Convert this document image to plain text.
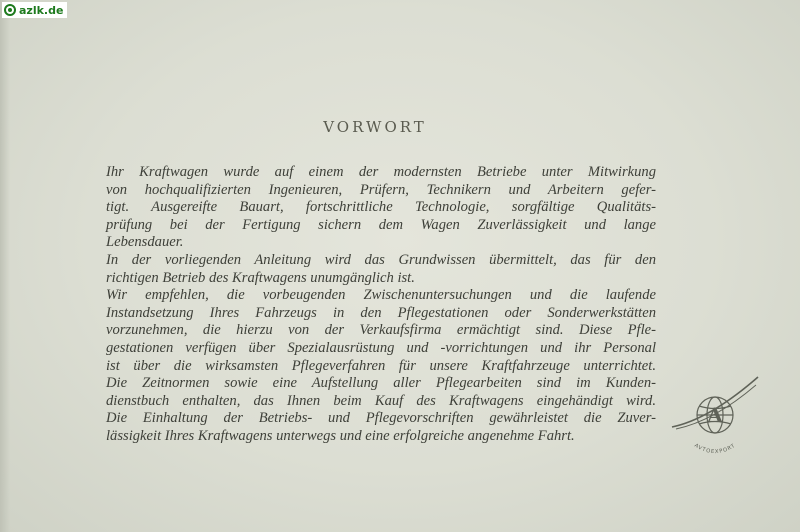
azlk.de
VORWORT
Ihr Kraftwagen wurde auf einem der modernsten Betriebe unter Mitwirkung
von hochqualifizierten Ingenieuren, Prüfern, Technikern und Arbeitern gefer-
tigt. Ausgereifte Bauart, fortschrittliche Technologie, sorgfältige Qualitäts-
prüfung bei der Fertigung sichern dem Wagen Zuverlässigkeit und lange
Lebensdauer.
In der vorliegenden Anleitung wird das Grundwissen übermittelt, das für den
richtigen Betrieb des Kraftwagens unumgänglich ist.
Wir empfehlen, die vorbeugenden Zwischenuntersuchungen und die laufende
Instandsetzung Ihres Fahrzeugs in den Pflegestationen oder Sonderwerkstätten
vorzunehmen, die hierzu von der Verkaufsfirma ermächtigt sind. Diese Pfle-
gestationen verfügen über Spezialausrüstung und -vorrichtungen und ihr Personal
ist über die wirksamsten Pflegeverfahren für unsere Kraftfahrzeuge unterrichtet.
Die Zeitnormen sowie eine Aufstellung aller Pflegearbeiten sind im Kunden-
dienstbuch enthalten, das Ihnen beim Kauf des Kraftwagens eingehändigt wird.
Die Einhaltung der Betriebs- und Pflegevorschriften gewährleistet die Zuver-
lässigkeit Ihres Kraftwagens unterwegs und eine erfolgreiche angenehme Fahrt.
A
AVTOEXPORT
